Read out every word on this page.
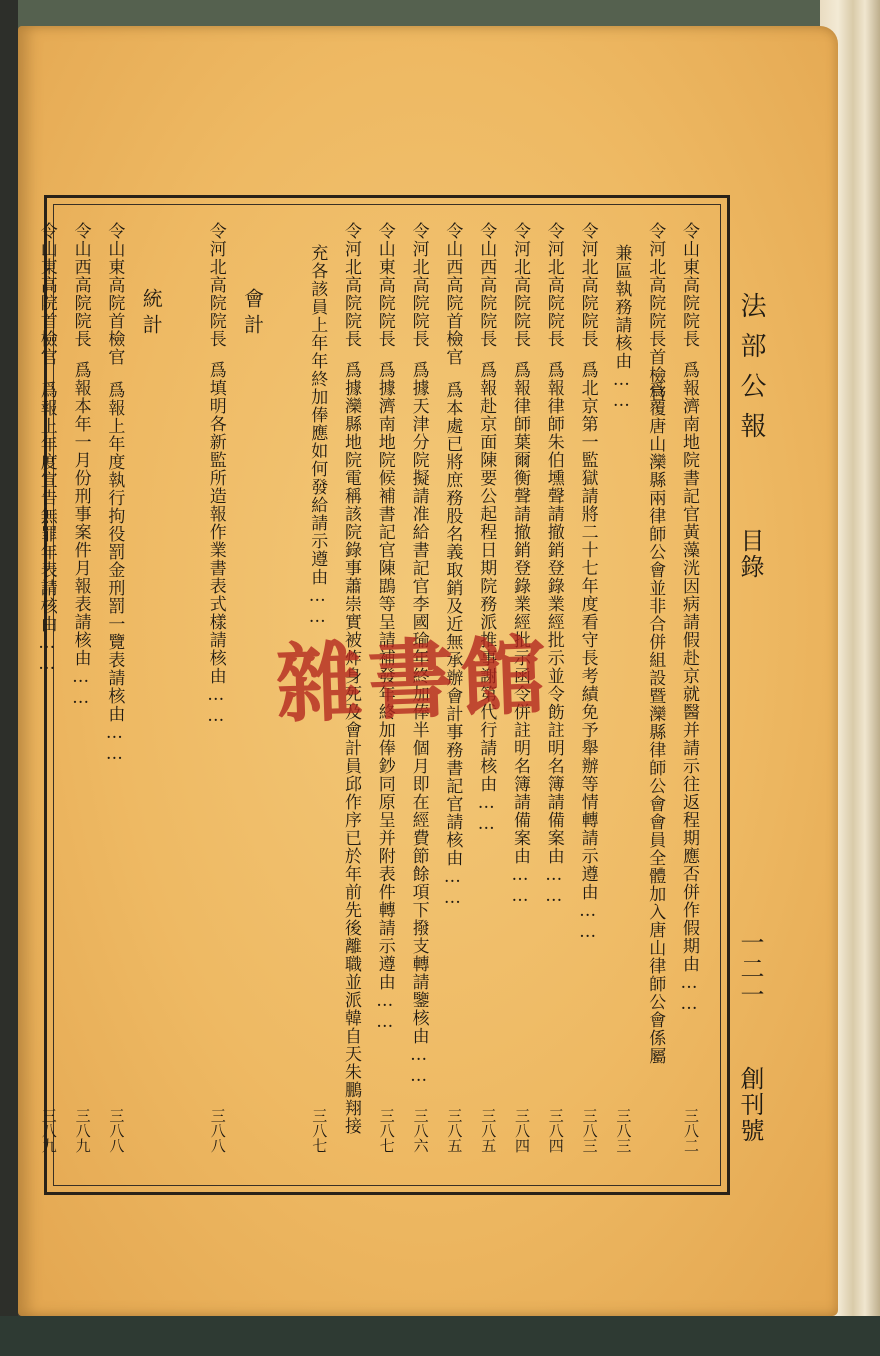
法部公報
目錄
一二一
創刊號
令山東高院院長
爲報濟南地院書記官黃藻洸因病請假赴京就醫并請示往返程期應否併作假期由……
三八二
令河北高院院長首檢官
爲覆唐山灤縣兩律師公會並非合併組設暨灤縣律師公會會員全體加入唐山律師公會係屬
兼區執務請核由……
三八三
令河北高院院長
爲北京第一監獄請將二十七年度看守長考績免予舉辦等情轉請示遵由……
三八三
令河北高院院長
爲報律師朱伯壎聲請撤銷登錄業經批示並令飭註明名簿請備案由……
三八四
令河北高院院長
爲報律師葉爾衡聲請撤銷登錄業經批示函令併註明名簿請備案由……
三八四
令山西高院院長
爲報赴京面陳要公起程日期院務派推事謝第代行請核由……
三八五
令山西高院首檢官
爲本處已將庶務股名義取銷及近無承辦會計事務書記官請核由……
三八五
令河北高院院長
爲據天津分院擬請准給書記官李國瑜年終加俸半個月即在經費節餘項下撥支轉請鑒核由……
三八六
令山東高院院長
爲據濟南地院候補書記官陳鵾等呈請補發年終加俸鈔同原呈并附表件轉請示遵由……
三八七
令河北高院院長
爲據灤縣地院電稱該院錄事蕭崇實被炸身死及會計員邱作序已於年前先後離職並派韓自天朱鵬翔接
充各該員上年年終加俸應如何發給請示遵由……
三八七
會計
令河北高院院長
爲填明各新監所造報作業書表式樣請核由……
三八八
統計
令山東高院首檢官
爲報上年度執行拘役罰金刑罰一覽表請核由……
三八八
令山西高院院長
爲報本年一月份刑事案件月報表請核由……
三八九
令山東高院首檢官
爲報上年度宣告無罪年表請核由……
三八九
雜書館
